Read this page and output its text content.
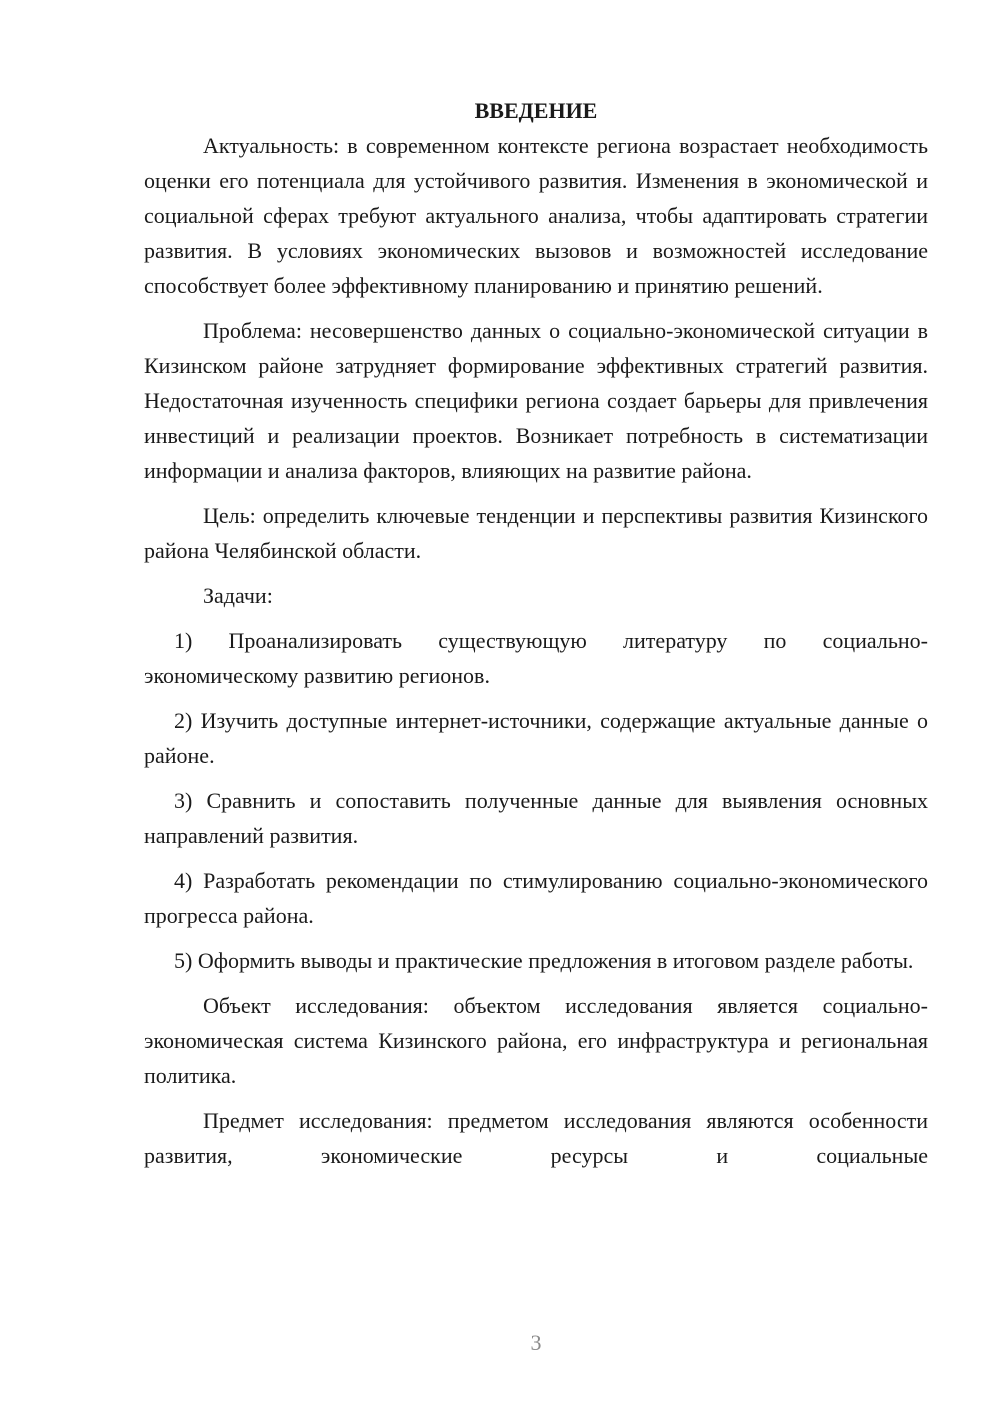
ВВЕДЕНИЕ

Актуальность: в современном контексте региона возрастает необходимость оценки его потенциала для устойчивого развития. Изменения в экономической и социальной сферах требуют актуального анализа, чтобы адаптировать стратегии развития. В условиях экономических вызовов и возможностей исследование способствует более эффективному планированию и принятию решений.

Проблема: несовершенство данных о социально-экономической ситуации в Кизинском районе затрудняет формирование эффективных стратегий развития. Недостаточная изученность специфики региона создает барьеры для привлечения инвестиций и реализации проектов. Возникает потребность в систематизации информации и анализа факторов, влияющих на развитие района.

Цель: определить ключевые тенденции и перспективы развития Кизинского района Челябинской области.

Задачи:

1) Проанализировать существующую литературу по социально-экономическому развитию регионов.

2) Изучить доступные интернет-источники, содержащие актуальные данные о районе.

3) Сравнить и сопоставить полученные данные для выявления основных направлений развития.

4) Разработать рекомендации по стимулированию социально-экономического прогресса района.

5) Оформить выводы и практические предложения в итоговом разделе работы.

Объект исследования: объектом исследования является социально-экономическая система Кизинского района, его инфраструктура и региональная политика.

Предмет исследования: предметом исследования являются особенности развития, экономические ресурсы и социальные

3
